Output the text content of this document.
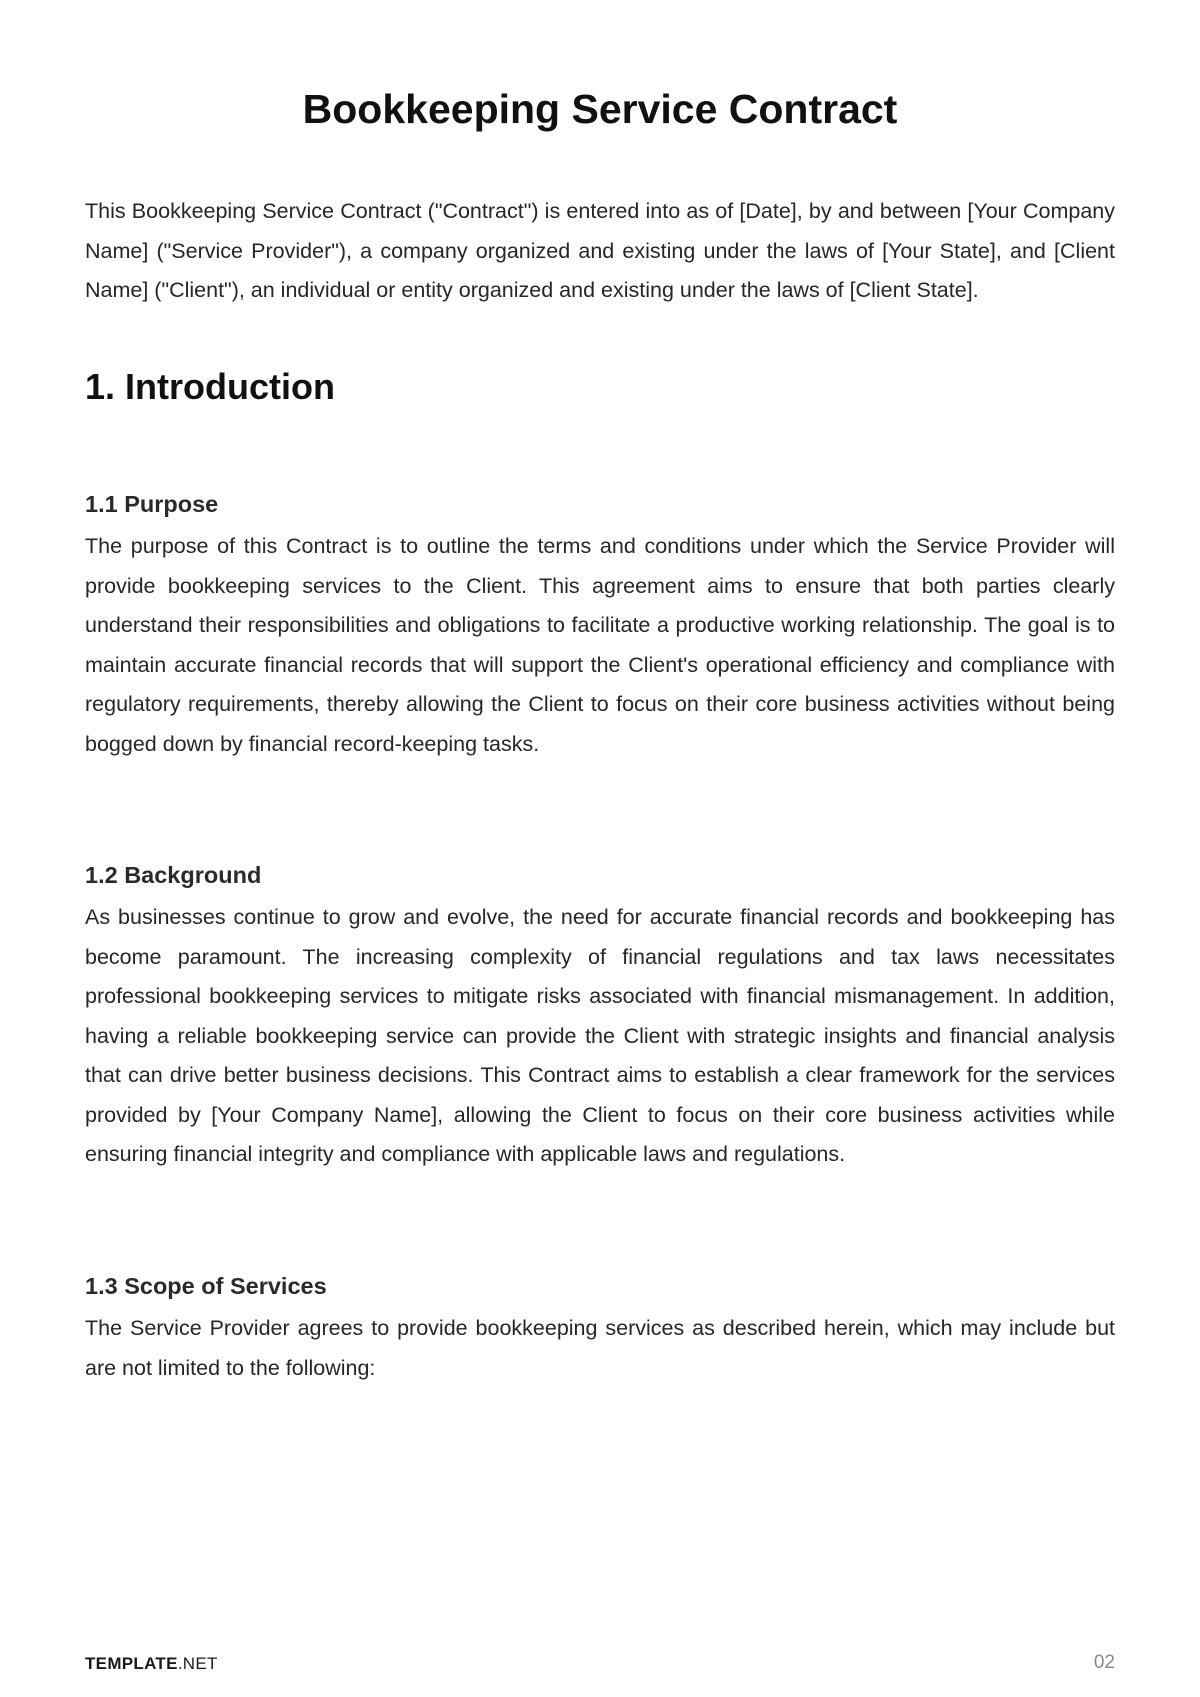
Bookkeeping Service Contract

This Bookkeeping Service Contract ("Contract") is entered into as of [Date], by and between [Your Company Name] ("Service Provider"), a company organized and existing under the laws of [Your State], and [Client Name] ("Client"), an individual or entity organized and existing under the laws of [Client State].

1. Introduction
1.1 Purpose

The purpose of this Contract is to outline the terms and conditions under which the Service Provider will provide bookkeeping services to the Client. This agreement aims to ensure that both parties clearly understand their responsibilities and obligations to facilitate a productive working relationship. The goal is to maintain accurate financial records that will support the Client's operational efficiency and compliance with regulatory requirements, thereby allowing the Client to focus on their core business activities without being bogged down by financial record-keeping tasks.

1.2 Background

As businesses continue to grow and evolve, the need for accurate financial records and bookkeeping has become paramount. The increasing complexity of financial regulations and tax laws necessitates professional bookkeeping services to mitigate risks associated with financial mismanagement. In addition, having a reliable bookkeeping service can provide the Client with strategic insights and financial analysis that can drive better business decisions. This Contract aims to establish a clear framework for the services provided by [Your Company Name], allowing the Client to focus on their core business activities while ensuring financial integrity and compliance with applicable laws and regulations.

1.3 Scope of Services

The Service Provider agrees to provide bookkeeping services as described herein, which may include but are not limited to the following:

TEMPLATE.NET	02
